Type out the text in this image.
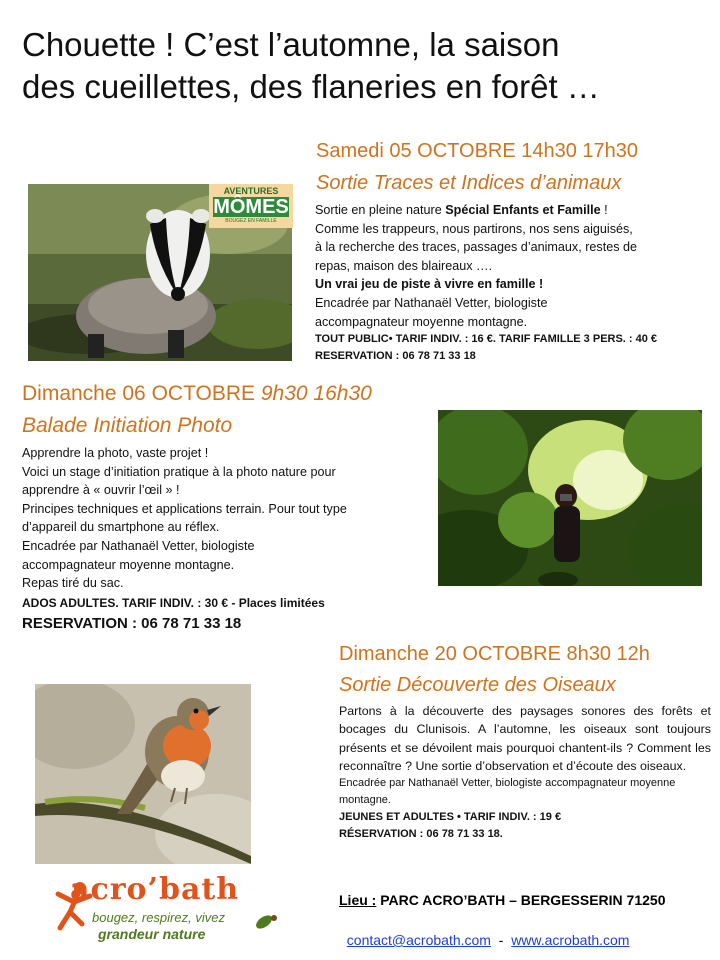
Chouette ! C’est l’automne, la saison
des cueillettes, des flaneries en forêt …
AVENTURES
MÔMES
BOUGEZ EN FAMILLE
Samedi 05 OCTOBRE 14h30 17h30
Sortie Traces et Indices d’animaux

Sortie en pleine nature Spécial Enfants et Famille !

Comme les trappeurs, nous partirons, nos sens aiguisés,

à la recherche des traces, passages d’animaux, restes de

repas, maison des blaireaux ….

Un vrai jeu de piste à vivre en famille !

Encadrée par Nathanaël Vetter, biologiste

accompagnateur moyenne montagne.

TOUT PUBLIC• TARIF INDIV. : 16 €. TARIF FAMILLE 3 PERS. : 40 €

RESERVATION : 06 78 71 33 18

Dimanche 06 OCTOBRE 9h30 16h30
Balade Initiation Photo

Apprendre la photo, vaste projet !

Voici un stage d’initiation pratique à la photo nature pour

apprendre à « ouvrir l’œil » !

Principes techniques et applications terrain. Pour tout type

d’appareil du smartphone au réflex.

Encadrée par Nathanaël Vetter, biologiste

accompagnateur moyenne montagne.

Repas tiré du sac.

ADOS ADULTES. TARIF INDIV. : 30 € - Places limitées

RESERVATION : 06 78 71 33 18

Dimanche 20 OCTOBRE 8h30 12h
Sortie Découverte des Oiseaux

Partons à la découverte des paysages sonores des forêts et bocages du Clunisois. A l’automne, les oiseaux sont toujours présents et se dévoilent mais pourquoi chantent-ils ? Comment les reconnaître ? Une sortie d’observation et d’écoute des oiseaux.

Encadrée par Nathanaël Vetter, biologiste accompagnateur moyenne montagne.

JEUNES ET ADULTES • TARIF INDIV. : 19 €

RÉSERVATION : 06 78 71 33 18.

Lieu : PARC ACRO’BATH – BERGESSERIN 71250

contact@acrobath.com  -  www.acrobath.com

acro’bath
bougez, respirez, vivez
grandeur nature
